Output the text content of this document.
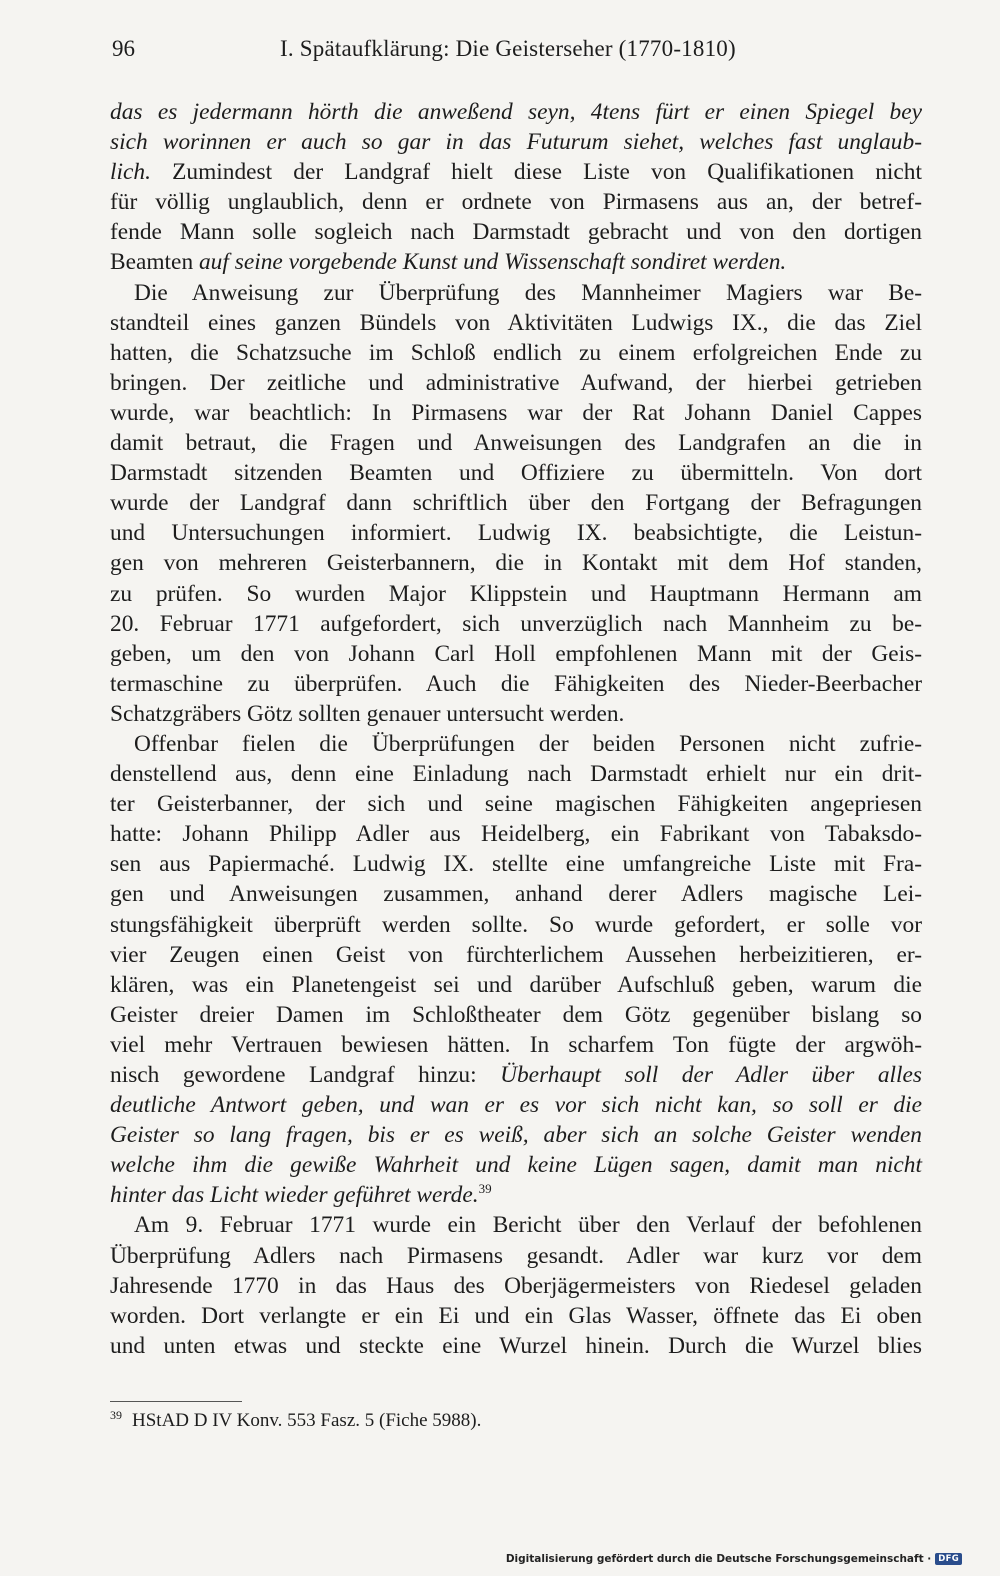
96	I. Spätaufklärung: Die Geisterseher (1770-1810)
das es jedermann hörth die anweßend seyn, 4tens fürt er einen Spiegel bey
sich worinnen er auch so gar in das Futurum siehet, welches fast unglaub-
lich. Zumindest der Landgraf hielt diese Liste von Qualifikationen nicht
für völlig unglaublich, denn er ordnete von Pirmasens aus an, der betref-
fende Mann solle sogleich nach Darmstadt gebracht und von den dortigen
Beamten auf seine vorgebende Kunst und Wissenschaft sondiret werden.
Die Anweisung zur Überprüfung des Mannheimer Magiers war Be-
standteil eines ganzen Bündels von Aktivitäten Ludwigs IX., die das Ziel
hatten, die Schatzsuche im Schloß endlich zu einem erfolgreichen Ende zu
bringen. Der zeitliche und administrative Aufwand, der hierbei getrieben
wurde, war beachtlich: In Pirmasens war der Rat Johann Daniel Cappes
damit betraut, die Fragen und Anweisungen des Landgrafen an die in
Darmstadt sitzenden Beamten und Offiziere zu übermitteln. Von dort
wurde der Landgraf dann schriftlich über den Fortgang der Befragungen
und Untersuchungen informiert. Ludwig IX. beabsichtigte, die Leistun-
gen von mehreren Geisterbannern, die in Kontakt mit dem Hof standen,
zu prüfen. So wurden Major Klippstein und Hauptmann Hermann am
20. Februar 1771 aufgefordert, sich unverzüglich nach Mannheim zu be-
geben, um den von Johann Carl Holl empfohlenen Mann mit der Geis-
termaschine zu überprüfen. Auch die Fähigkeiten des Nieder-Beerbacher
Schatzgräbers Götz sollten genauer untersucht werden.
Offenbar fielen die Überprüfungen der beiden Personen nicht zufrie-
denstellend aus, denn eine Einladung nach Darmstadt erhielt nur ein drit-
ter Geisterbanner, der sich und seine magischen Fähigkeiten angepriesen
hatte: Johann Philipp Adler aus Heidelberg, ein Fabrikant von Tabaksdo-
sen aus Papiermaché. Ludwig IX. stellte eine umfangreiche Liste mit Fra-
gen und Anweisungen zusammen, anhand derer Adlers magische Lei-
stungsfähigkeit überprüft werden sollte. So wurde gefordert, er solle vor
vier Zeugen einen Geist von fürchterlichem Aussehen herbeizitieren, er-
klären, was ein Planetengeist sei und darüber Aufschluß geben, warum die
Geister dreier Damen im Schloßtheater dem Götz gegenüber bislang so
viel mehr Vertrauen bewiesen hätten. In scharfem Ton fügte der argwöh-
nisch gewordene Landgraf hinzu: Überhaupt soll der Adler über alles
deutliche Antwort geben, und wan er es vor sich nicht kan, so soll er die
Geister so lang fragen, bis er es weiß, aber sich an solche Geister wenden
welche ihm die gewiße Wahrheit und keine Lügen sagen, damit man nicht
hinter das Licht wieder geführet werde.$^{39}$
Am 9. Februar 1771 wurde ein Bericht über den Verlauf der befohlenen
Überprüfung Adlers nach Pirmasens gesandt. Adler war kurz vor dem
Jahresende 1770 in das Haus des Oberjägermeisters von Riedesel geladen
worden. Dort verlangte er ein Ei und ein Glas Wasser, öffnete das Ei oben
und unten etwas und steckte eine Wurzel hinein. Durch die Wurzel blies
$^{39}$ HStAD D IV Konv. 553 Fasz. 5 (Fiche 5988).
Digitalisierung gefördert durch die Deutsche Forschungsgemeinschaft · DFG
